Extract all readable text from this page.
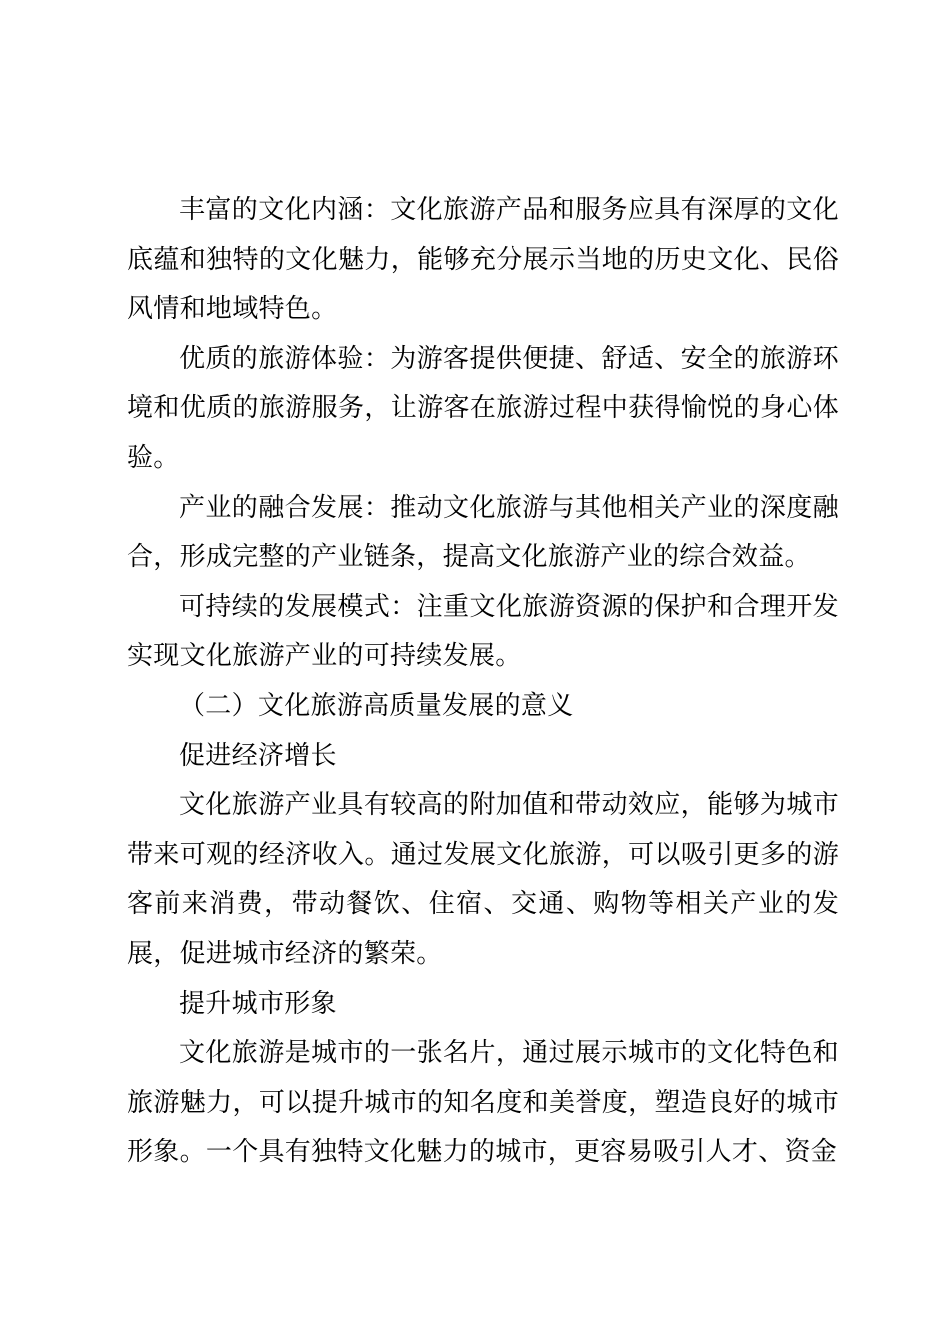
丰富的文化内涵：文化旅游产品和服务应具有深厚的文化底蕴和独特的文化魅力，能够充分展示当地的历史文化、民俗风情和地域特色。

优质的旅游体验：为游客提供便捷、舒适、安全的旅游环境和优质的旅游服务，让游客在旅游过程中获得愉悦的身心体验。

产业的融合发展：推动文化旅游与其他相关产业的深度融合，形成完整的产业链条，提高文化旅游产业的综合效益。

可持续的发展模式：注重文化旅游资源的保护和合理开发实现文化旅游产业的可持续发展。

（二）文化旅游高质量发展的意义

促进经济增长

文化旅游产业具有较高的附加值和带动效应，能够为城市带来可观的经济收入。通过发展文化旅游，可以吸引更多的游客前来消费，带动餐饮、住宿、交通、购物等相关产业的发展，促进城市经济的繁荣。

提升城市形象

文化旅游是城市的一张名片，通过展示城市的文化特色和旅游魅力，可以提升城市的知名度和美誉度，塑造良好的城市形象。一个具有独特文化魅力的城市，更容易吸引人才、资金
